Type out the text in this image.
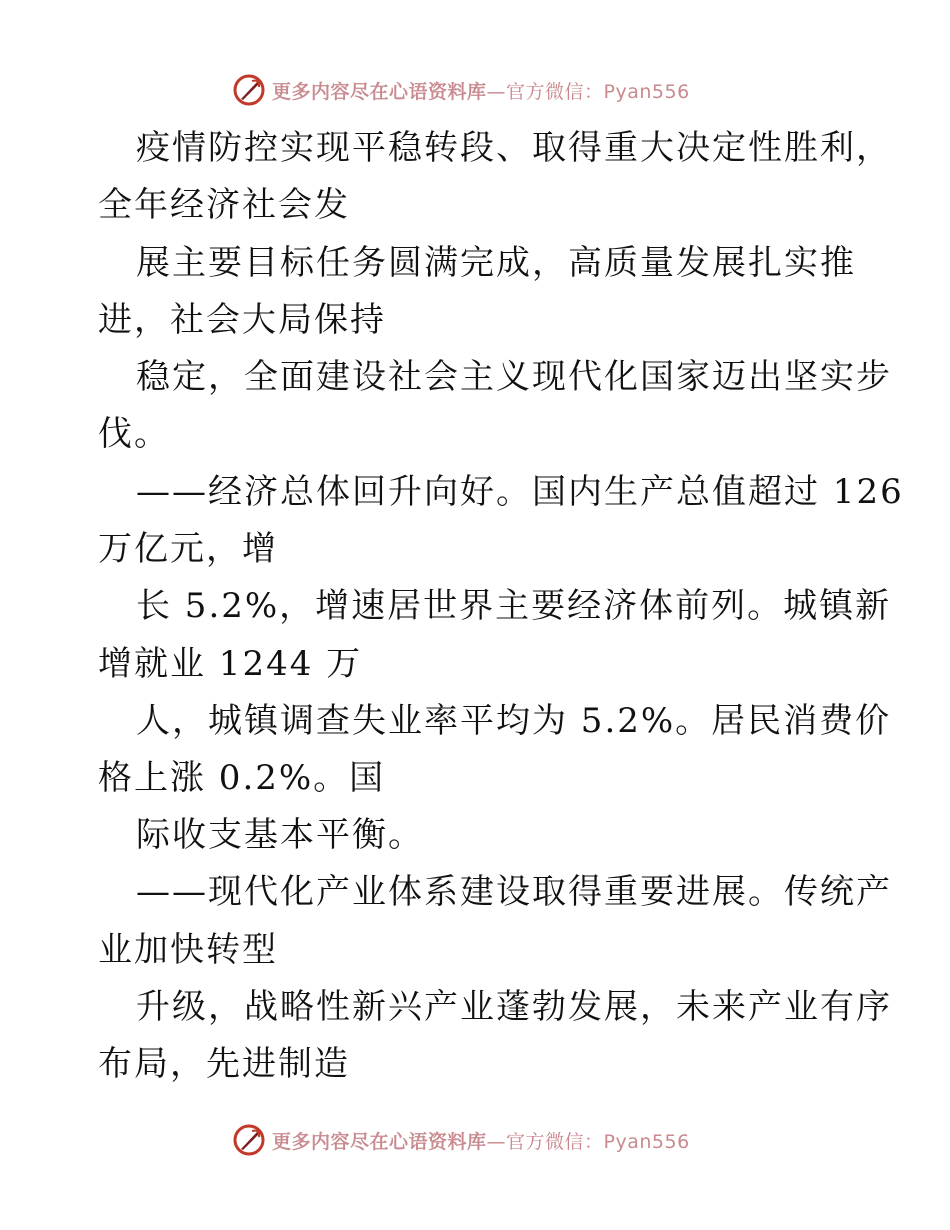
更多内容尽在心语资料库—官方微信：Pyan556
疫情防控实现平稳转段、取得重大决定性胜利，
全年经济社会发
展主要目标任务圆满完成，高质量发展扎实推
进，社会大局保持
稳定，全面建设社会主义现代化国家迈出坚实步
伐。
——经济总体回升向好。国内生产总值超过 126
万亿元，增
长 5.2%，增速居世界主要经济体前列。城镇新
增就业 1244 万
人，城镇调查失业率平均为 5.2%。居民消费价
格上涨 0.2%。国
际收支基本平衡。
——现代化产业体系建设取得重要进展。传统产
业加快转型
升级，战略性新兴产业蓬勃发展，未来产业有序
布局，先进制造
更多内容尽在心语资料库—官方微信：Pyan556
